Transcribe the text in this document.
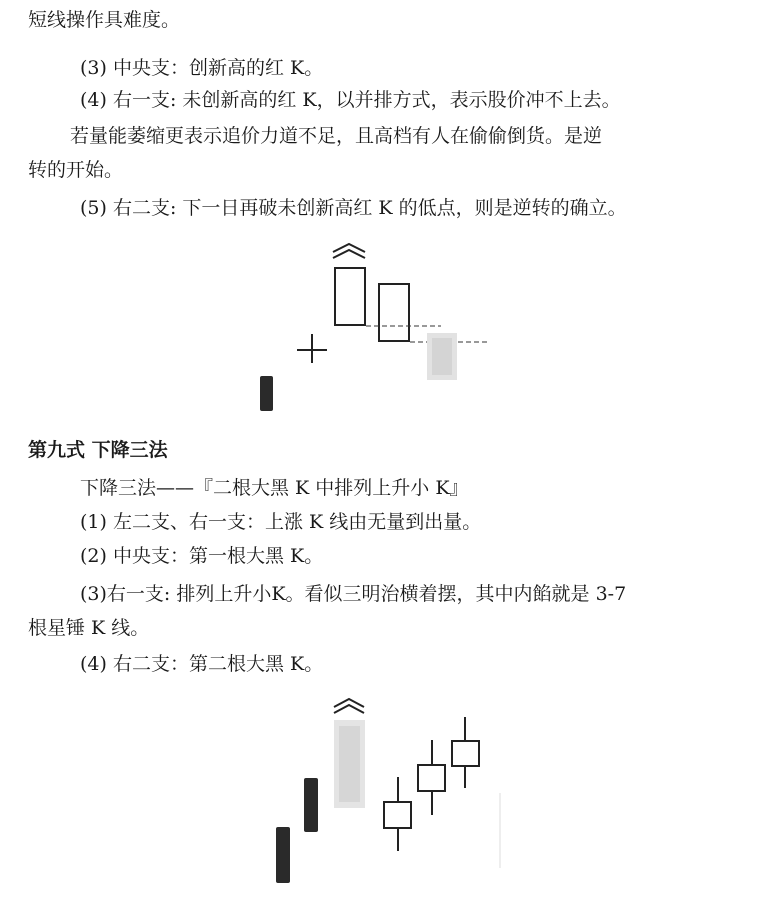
短线操作具难度。
(3) 中央支：创新高的红 K。
(4) 右一支: 未创新高的红 K，以并排方式，表示股价冲不上去。
若量能萎缩更表示追价力道不足，且高档有人在偷偷倒货。是逆
转的开始。
(5) 右二支: 下一日再破未创新高红 K 的低点，则是逆转的确立。
第九式 下降三法
下降三法——『二根大黑 K 中排列上升小 K』
(1) 左二支、右一支：上涨 K 线由无量到出量。
(2) 中央支：第一根大黑 K。
(3)右一支: 排列上升小K。看似三明治横着摆，其中内餡就是 3-7
根星锤 K 线。
(4) 右二支：第二根大黑 K。
